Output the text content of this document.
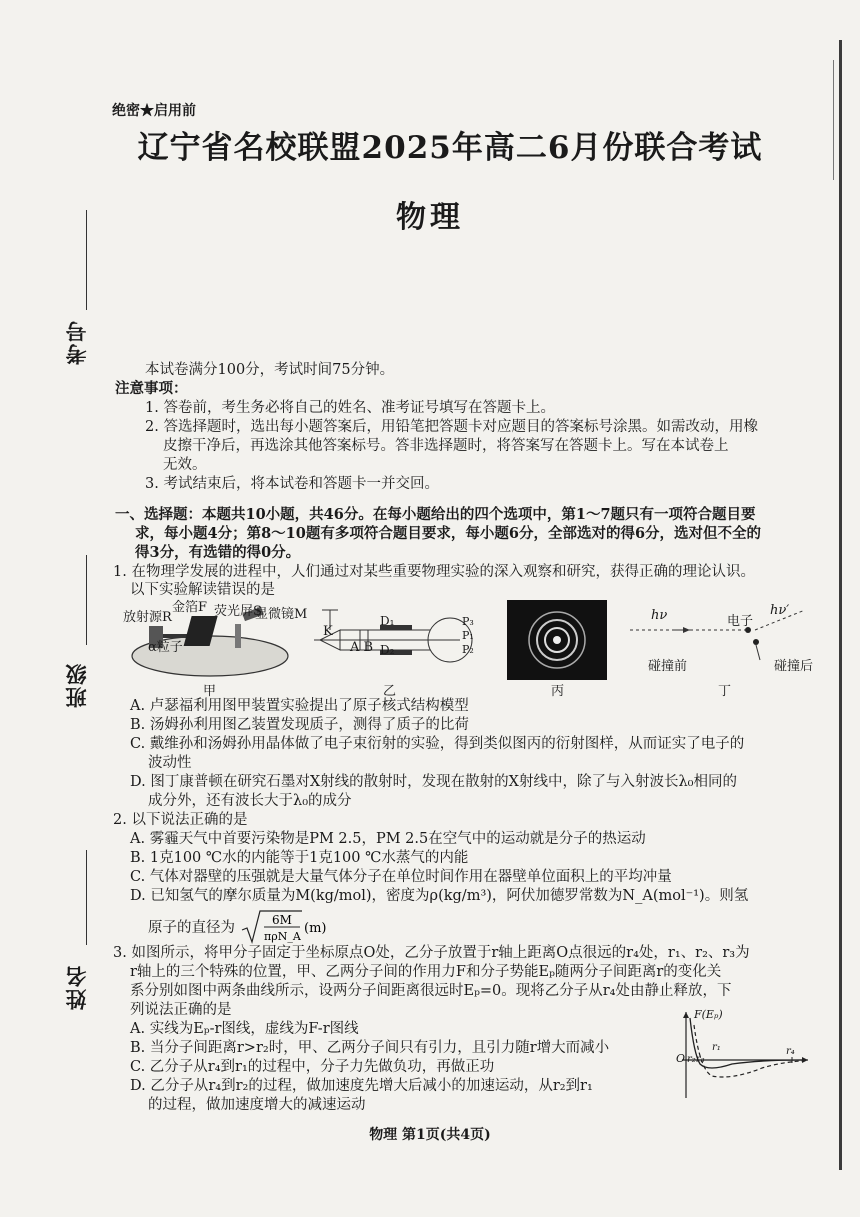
考号
班级
姓名
绝密★启用前
辽宁省名校联盟2025年高二6月份联合考试
物理
本试卷满分100分，考试时间75分钟。
注意事项：
1. 答卷前，考生务必将自己的姓名、准考证号填写在答题卡上。
2. 答选择题时，选出每小题答案后，用铅笔把答题卡对应题目的答案标号涂黑。如需改动，用橡
皮擦干净后，再选涂其他答案标号。答非选择题时，将答案写在答题卡上。写在本试卷上
无效。
3. 考试结束后，将本试卷和答题卡一并交回。
一、选择题：本题共10小题，共46分。在每小题给出的四个选项中，第1～7题只有一项符合题目要
求，每小题4分；第8～10题有多项符合题目要求，每小题6分，全部选对的得6分，选对但不全的
得3分，有选错的得0分。
1. 在物理学发展的进程中，人们通过对某些重要物理实验的深入观察和研究，获得正确的理论认识。
以下实验解读错误的是
放射源R
金箔F 荧光屏S
显微镜M
α粒子
K
A B
D₁
D₂
P₃
P₁
P₂
hν	电子
hν′
碰撞前	碰撞后
甲	乙	丙	丁
A. 卢瑟福利用图甲装置实验提出了原子核式结构模型
B. 汤姆孙利用图乙装置发现质子，测得了质子的比荷
C. 戴维孙和汤姆孙用晶体做了电子束衍射的实验，得到类似图丙的衍射图样，从而证实了电子的
波动性
D. 图丁康普顿在研究石墨对X射线的散射时，发现在散射的X射线中，除了与入射波长λ₀相同的
成分外，还有波长大于λ₀的成分
2. 以下说法正确的是
A. 雾霾天气中首要污染物是PM 2.5，PM 2.5在空气中的运动就是分子的热运动
B. 1克100 ℃水的内能等于1克100 ℃水蒸气的内能
C. 气体对器壁的压强就是大量气体分子在单位时间作用在器壁单位面积上的平均冲量
D. 已知氢气的摩尔质量为M(kg/mol)，密度为ρ(kg/m³)，阿伏加德罗常数为N_A(mol⁻¹)。则氢
原子的直径为	6M
πρN_A
(m)
3. 如图所示，将甲分子固定于坐标原点O处，乙分子放置于r轴上距离O点很远的r₄处，r₁、r₂、r₃为
r轴上的三个特殊的位置，甲、乙两分子间的作用力F和分子势能Eₚ随两分子间距离r的变化关
系分别如图中两条曲线所示，设两分子间距离很远时Eₚ=0。现将乙分子从r₄处由静止释放，下
列说法正确的是
A. 实线为Eₚ-r图线，虚线为F-r图线
B. 当分子间距离r>r₂时，甲、乙两分子间只有引力，且引力随r增大而减小
C. 乙分子从r₄到r₁的过程中，分子力先做负功，再做正功
D. 乙分子从r₄到r₂的过程，做加速度先增大后减小的加速运动，从r₂到r₁
的过程，做加速度增大的减速运动
F(Eₚ)
O
r₁
r₂r₃
r₄
物理 第1页(共4页)
